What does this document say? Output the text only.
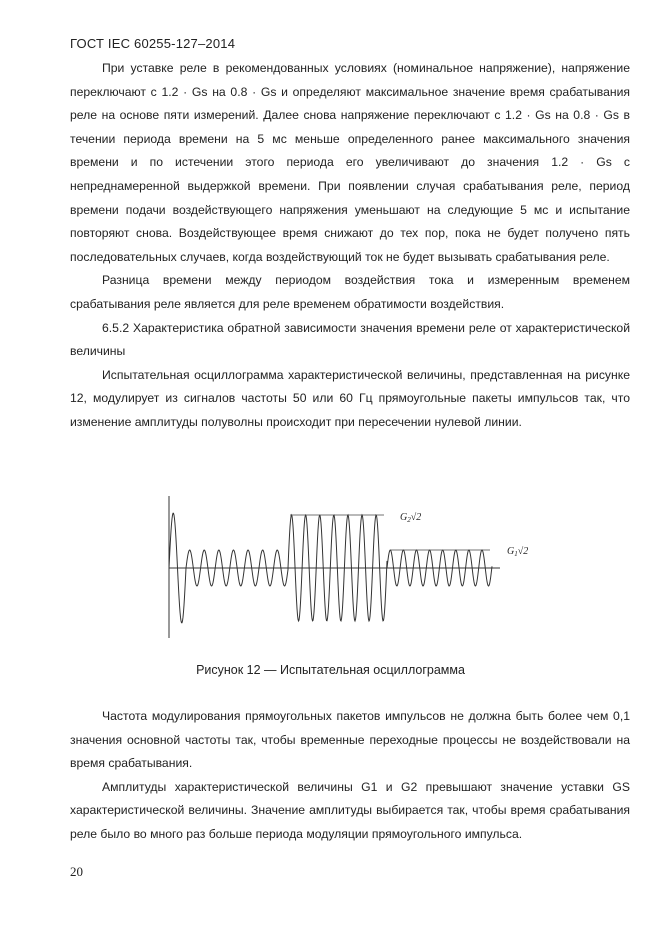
ГОСТ IEC 60255-127–2014

При уставке реле в рекомендованных условиях (номинальное напряжение), напряжение переключают с 1.2 · Gs на 0.8 · Gs и определяют максимальное значение время срабатывания реле на основе пяти измерений. Далее снова напряжение переключают с 1.2 · Gs на 0.8 · Gs в течении периода времени на 5 мс меньше определенного ранее максимального значения времени и по истечении этого периода его увеличивают до значения 1.2 · Gs с непреднамеренной выдержкой времени. При появлении случая срабатывания реле, период времени подачи воздействующего напряжения уменьшают на следующие 5 мс и испытание повторяют снова. Воздействующее время снижают до тех пор, пока не будет получено пять последовательных случаев, когда воздействующий ток не будет вызывать срабатывания реле.

Разница времени между периодом воздействия тока и измеренным временем срабатывания реле является для реле временем обратимости воздействия.

6.5.2 Характеристика обратной зависимости значения времени реле от характеристической величины

Испытательная осциллограмма характеристической величины, представленная на рисунке 12, модулирует из сигналов частоты 50 или 60 Гц прямоугольные пакеты импульсов так, что изменение амплитуды полуволны происходит при пересечении нулевой линии.

$G_2√2$
$G_1√2$
Рисунок 12 — Испытательная осциллограмма

Частота модулирования прямоугольных пакетов импульсов не должна быть более чем 0,1 значения основной частоты так, чтобы временные переходные процессы не воздействовали на время срабатывания.

Амплитуды характеристической величины G1 и G2 превышают значение уставки GS характеристической величины. Значение амплитуды выбирается так, чтобы время срабатывания реле было во много раз больше периода модуляции прямоугольного импульса.

20
